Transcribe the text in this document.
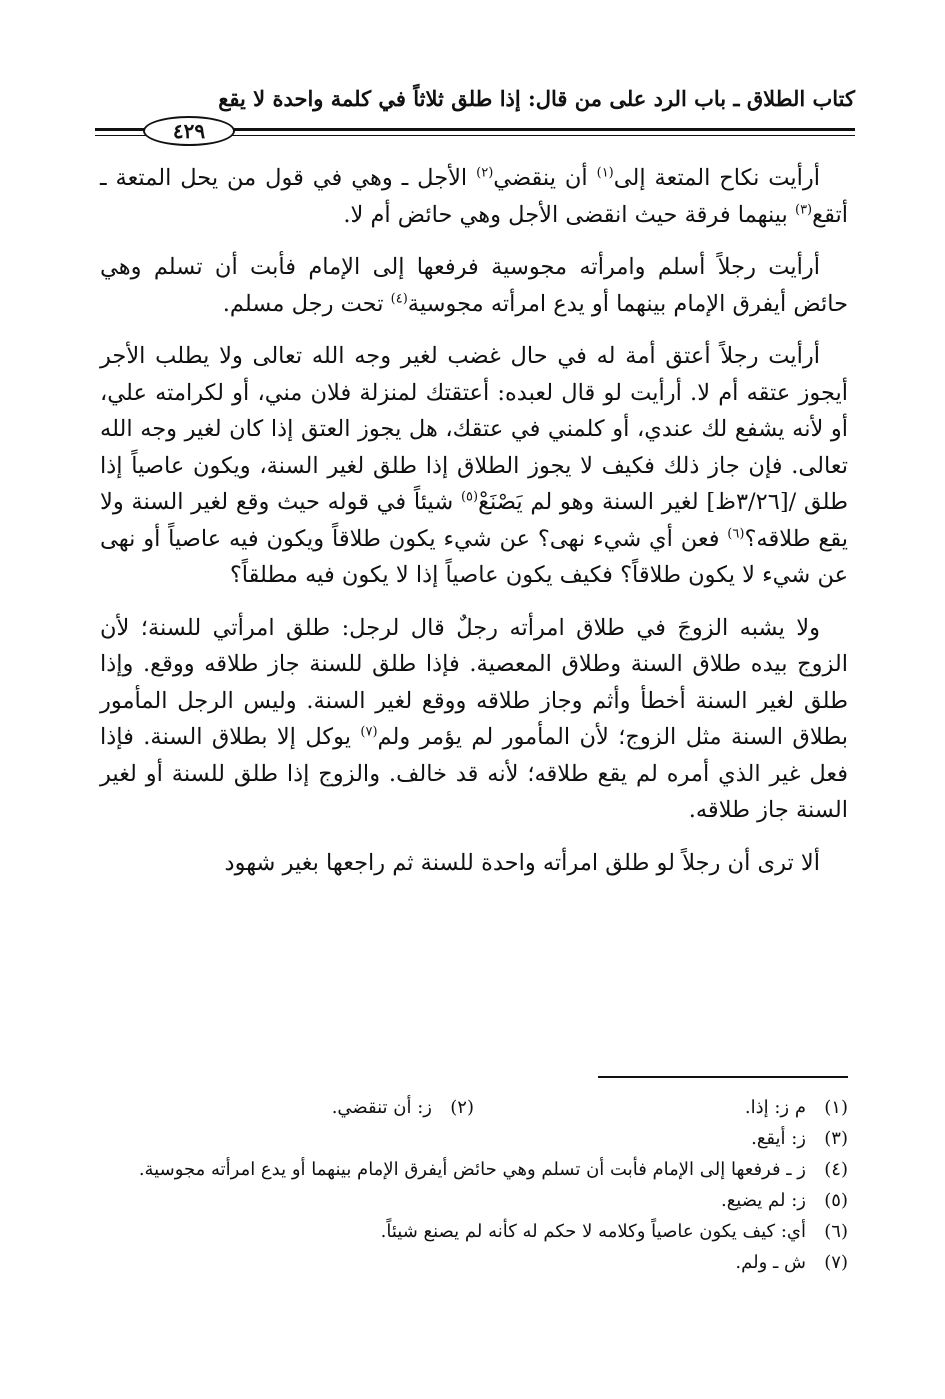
كتاب الطلاق ـ باب الرد على من قال: إذا طلق ثلاثاً في كلمة واحدة لا يقع
٤٢٩

أرأيت نكاح المتعة إلى$^{(١)}$ أن ينقضي$^{(٢)}$ الأجل ـ وهي في قول من يحل المتعة ـ أتقع$^{(٣)}$ بينهما فرقة حيث انقضى الأجل وهي حائض أم لا.

أرأيت رجلاً أسلم وامرأته مجوسية فرفعها إلى الإمام فأبت أن تسلم وهي حائض أيفرق الإمام بينهما أو يدع امرأته مجوسية$^{(٤)}$ تحت رجل مسلم.

أرأيت رجلاً أعتق أمة له في حال غضب لغير وجه الله تعالى ولا يطلب الأجر أيجوز عتقه أم لا. أرأيت لو قال لعبده: أعتقتك لمنزلة فلان مني، أو لكرامته علي، أو لأنه يشفع لك عندي، أو كلمني في عتقك، هل يجوز العتق إذا كان لغير وجه الله تعالى. فإن جاز ذلك فكيف لا يجوز الطلاق إذا طلق لغير السنة، ويكون عاصياً إذا طلق /[٣/٢٦ظ] لغير السنة وهو لم يَصْنَعْ$^{(٥)}$ شيئاً في قوله حيث وقع لغير السنة ولا يقع طلاقه؟$^{(٦)}$ فعن أي شيء نهى؟ عن شيء يكون طلاقاً ويكون فيه عاصياً أو نهى عن شيء لا يكون طلاقاً؟ فكيف يكون عاصياً إذا لا يكون فيه مطلقاً؟

ولا يشبه الزوجَ في طلاق امرأته رجلٌ قال لرجل: طلق امرأتي للسنة؛ لأن الزوج بيده طلاق السنة وطلاق المعصية. فإذا طلق للسنة جاز طلاقه ووقع. وإذا طلق لغير السنة أخطأ وأثم وجاز طلاقه ووقع لغير السنة. وليس الرجل المأمور بطلاق السنة مثل الزوج؛ لأن المأمور لم يؤمر ولم$^{(٧)}$ يوكل إلا بطلاق السنة. فإذا فعل غير الذي أمره لم يقع طلاقه؛ لأنه قد خالف. والزوج إذا طلق للسنة أو لغير السنة جاز طلاقه.

ألا ترى أن رجلاً لو طلق امرأته واحدة للسنة ثم راجعها بغير شهود

(١)
م ز: إذا.
(٢)
ز: أن تنقضي.
(٣)
ز: أيقع.
(٤)
ز ـ فرفعها إلى الإمام فأبت أن تسلم وهي حائض أيفرق الإمام بينهما أو يدع امرأته مجوسية.
(٥)
ز: لم يضيع.
(٦)
أي: كيف يكون عاصياً وكلامه لا حكم له كأنه لم يصنع شيئاً.
(٧)
ش ـ ولم.
